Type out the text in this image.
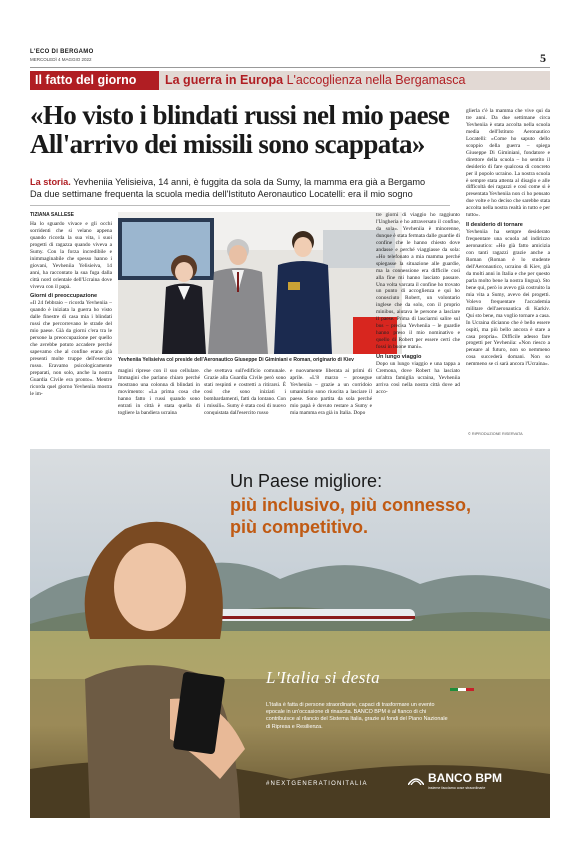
L'ECO DI BERGAMO
MERCOLEDÌ 4 MAGGIO 2022	5
Il fatto del giorno	La guerra in Europa L'accoglienza nella Bergamasca
«Ho visto i blindati russi nel mio paese
All'arrivo dei missili sono scappata»
La storia. Yevheniia Yelisieiva, 14 anni, è fuggita da sola da Sumy, la mamma era già a Bergamo
Da due settimane frequenta la scuola media dell'Istituto Aeronautico Locatelli: era il mio sogno
TIZIANA SALLESE

Ha lo sguardo vivace e gli occhi sorridenti che si velano appena quando ricorda la sua vita, i suoi progetti di ragazza quando viveva a Sumy. Con la forza incredibile e inimmaginabile che spesso hanno i giovani, Yevheniia Yelisieiva, 14 anni, ha raccontato la sua fuga dalla città nord orientale dell'Ucraina dove viveva con il papà.

Giorni di preoccupazione

«Il 24 febbraio – ricorda Yevheniia – quando è iniziata la guerra ho visto dalle finestre di casa mia i blindati russi che percorrevano le strade del mio paese. Già da giorni c'era tra le persone la preoccupazione per quello che avrebbe potuto accadere perché sapevamo che al confine erano già presenti molte truppe dell'esercito russo. Eravamo psicologicamente preparati, non solo, anche la nostra Guardia Civile era pronto». Mentre ricorda quel giorno Yevheniia mostra le im-

Yevheniia Yelisieiva col preside dell'Aeronautico Giuseppe Di Giminiani e Roman, originario di Kiev

magini riprese con il suo cellulare. Immagini che parlano chiaro perché mostrano una colonna di blindati in movimento: «La prima cosa che hanno fatto i russi quando sono entrati in città è stata quella di togliere la bandiera ucraina

che svettava sull'edificio comunale. Grazie alla Guardia Civile però sono stati respinti e costretti a ritirarsi. È così che sono iniziati i bombardamenti, fatti da lontano. Con i missili». Sumy è stata così di nuovo conquistata dall'esercito russo

e nuovamente liberata ai primi di aprile. «L'8 marzo – prosegue Yevheniia – grazie a un corridoio umanitario sono riuscita a lasciare il paese. Sono partita da sola perché mio papà è dovuto restare a Sumy e mia mamma era già in Italia. Dopo

tre giorni di viaggio ho raggiunto l'Ungheria e ho attraversato il confine, da sola». Yevheniia è minorenne, dunque è stata fermata dalle guardie di confine che le hanno chiesto dove andasse e perché viaggiasse da sola: «Ho telefonato a mia mamma perché spiegasse la situazione alle guardie, ma la connessione era difficile così alla fine mi hanno lasciato passare. Una volta varcata il confine ho trovato un punto di accoglienza e qui ho conosciuto Robert, un volontario inglese che da solo, con il proprio minibus, aiutava le persone a lasciare il paese. Prima di lasciarmi salire sul bus – precisa Yevheniia – le guardie hanno preso il mio nominativo e quello di Robert per essere certi che fossi in buone mani».

Un lungo viaggio

Dopo un lungo viaggio e una tappa a Cremona, dove Robert ha lasciato un'altra famiglia ucraina, Yevheniia arriva così nella nostra città dove ad acco-

glierla c'è la mamma che vive qui da tre anni. Da due settimane circa Yevheniia è stata accolta nella scuola media dell'Istituto Aeronautico Locatelli: «Come ho saputo dello scoppio della guerra – spiega Giuseppe Di Giminiani, fondatore e direttore della scuola – ho sentito il desiderio di fare qualcosa di concreto per il popolo ucraino. La nostra scuola è sempre stata attenta al disagio e alle difficoltà dei ragazzi e così come si è presentata Yevheniia non ci ho pensato due volte e ho deciso che sarebbe stata accolta nella nostra realtà in tutto e per tutto».

Il desiderio di tornare

Yevheniia ha sempre desiderato frequentare una scuola ad indirizzo aeronautico: «Ho già fatto amicizia con tanti ragazzi grazie anche a Roman (Roman è lo studente dell'Aeronautico, ucraino di Kiev, già da molti anni in Italia e che per questo parla molto bene la nostra lingua). Sto bene qui, però io avevo già costruito la mia vita a Sumy, avevo dei progetti. Volevo frequentare l'accademia militare dell'aeronautica di Karkiv. Qui sto bene, ma voglio tornare a casa. In Ucraina dicianno che è bello essere ospiti, ma più bello ancora è stare a casa propria». Difficile adesso fare progetti per Yevheniia: «Non riesco a pensare al futuro, non so nemmeno cosa succederà domani. Non so nemmeno se ci sarà ancora l'Ucraina».

© RIPRODUZIONE RISERVATA
Un Paese migliore:
più inclusivo, più connesso,
più competitivo.
L'Italia si desta
L'Italia è fatta di persone straordinarie, capaci di trasformare un evento epocale in un'occasione di rinascita. BANCO BPM è al fianco di chi contribuisce al rilancio del Sistema Italia, grazie ai fondi del Piano Nazionale di Ripresa e Resilienza.
#NEXTGENERATIONITALIA	BANCO BPM
insieme facciamo cose straordinarie
